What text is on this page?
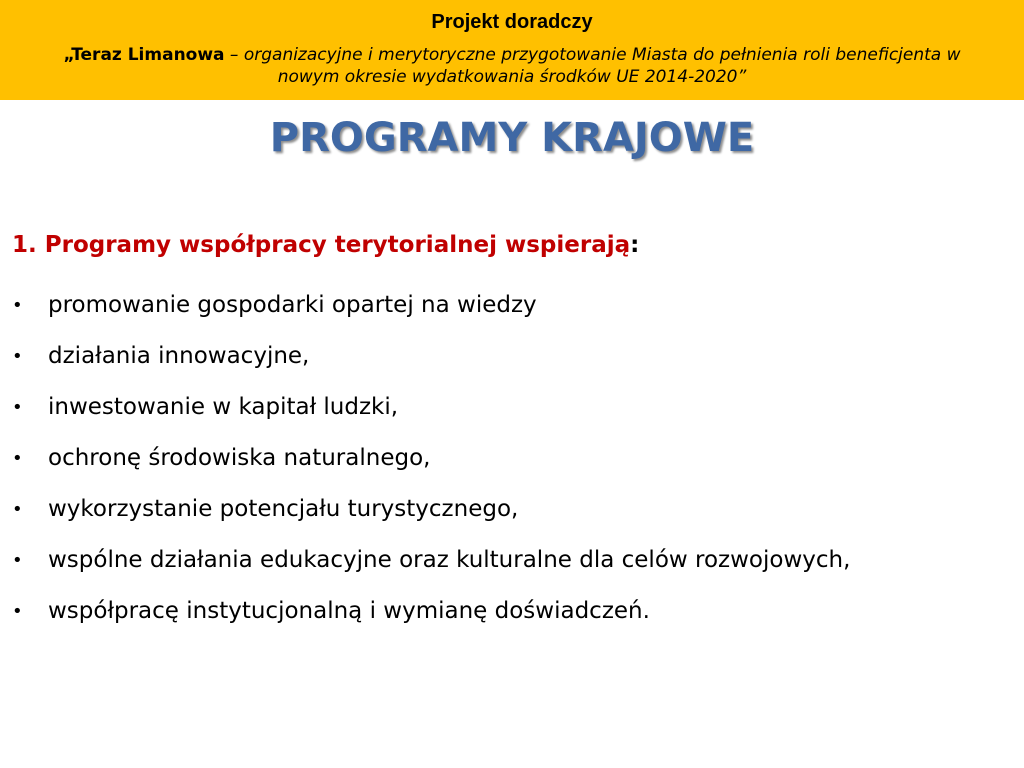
Projekt doradczy
„Teraz Limanowa – organizacyjne i merytoryczne przygotowanie Miasta do pełnienia roli beneficjenta w nowym okresie wydatkowania środków UE 2014-2020”
PROGRAMY KRAJOWE
1. Programy współpracy terytorialnej wspierają:
•	promowanie gospodarki opartej na wiedzy
•	działania innowacyjne,
•	inwestowanie w kapitał ludzki,
•	ochronę środowiska naturalnego,
•	wykorzystanie potencjału turystycznego,
•	wspólne działania edukacyjne oraz kulturalne dla celów rozwojowych,
•	współpracę instytucjonalną i wymianę doświadczeń.
